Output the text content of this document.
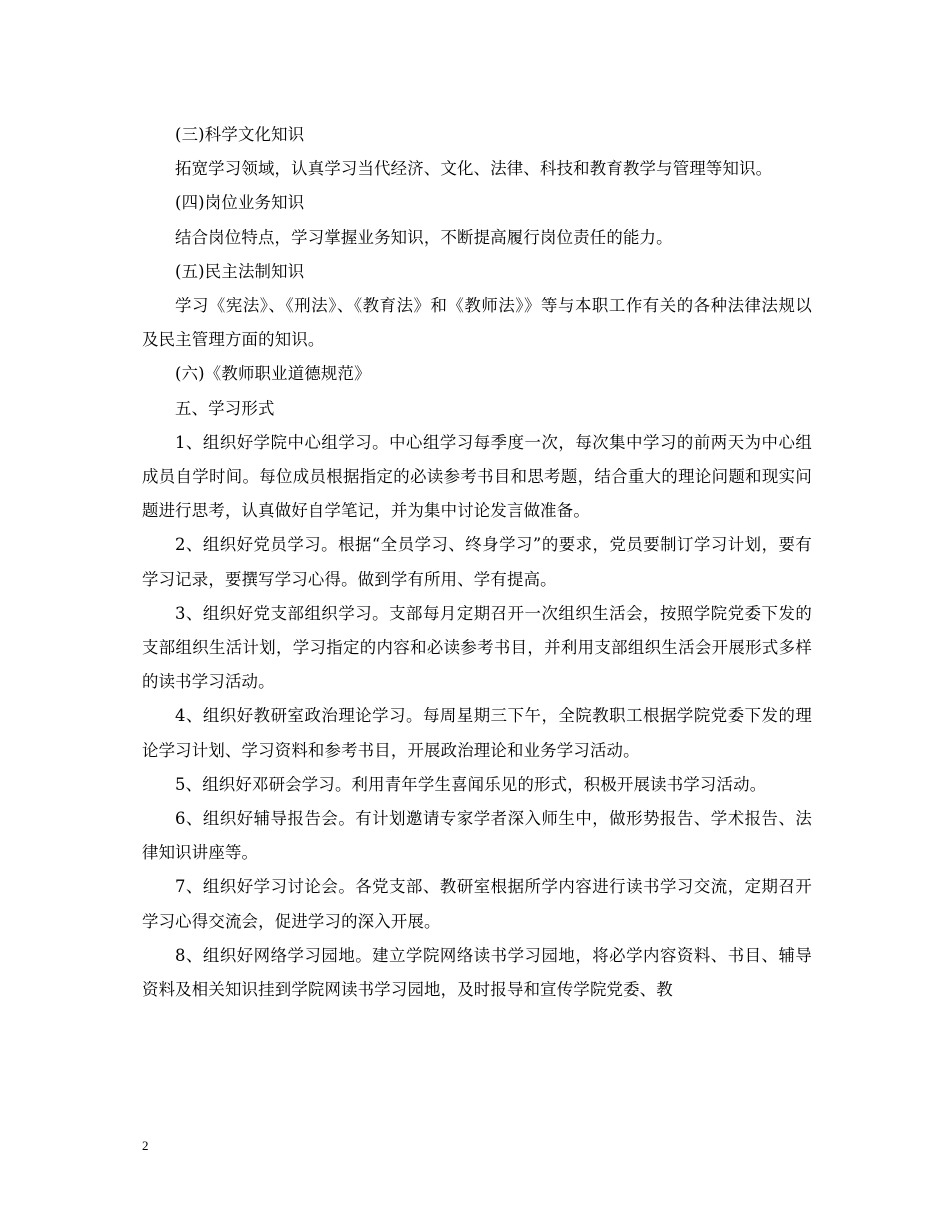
(三)科学文化知识

拓宽学习领域，认真学习当代经济、文化、法律、科技和教育教学与管理等知识。

(四)岗位业务知识

结合岗位特点，学习掌握业务知识，不断提高履行岗位责任的能力。

(五)民主法制知识

学习《宪法》、《刑法》、《教育法》和《教师法》》等与本职工作有关的各种法律法规以及民主管理方面的知识。

(六)《教师职业道德规范》

五、学习形式

1、组织好学院中心组学习。中心组学习每季度一次，每次集中学习的前两天为中心组成员自学时间。每位成员根据指定的必读参考书目和思考题，结合重大的理论问题和现实问题进行思考，认真做好自学笔记，并为集中讨论发言做准备。

2、组织好党员学习。根据“全员学习、终身学习”的要求，党员要制订学习计划，要有学习记录，要撰写学习心得。做到学有所用、学有提高。

3、组织好党支部组织学习。支部每月定期召开一次组织生活会，按照学院党委下发的支部组织生活计划，学习指定的内容和必读参考书目，并利用支部组织生活会开展形式多样的读书学习活动。

4、组织好教研室政治理论学习。每周星期三下午，全院教职工根据学院党委下发的理论学习计划、学习资料和参考书目，开展政治理论和业务学习活动。

5、组织好邓研会学习。利用青年学生喜闻乐见的形式，积极开展读书学习活动。

6、组织好辅导报告会。有计划邀请专家学者深入师生中，做形势报告、学术报告、法律知识讲座等。

7、组织好学习讨论会。各党支部、教研室根据所学内容进行读书学习交流，定期召开学习心得交流会，促进学习的深入开展。

8、组织好网络学习园地。建立学院网络读书学习园地，将必学内容资料、书目、辅导资料及相关知识挂到学院网读书学习园地，及时报导和宣传学院党委、教

2
